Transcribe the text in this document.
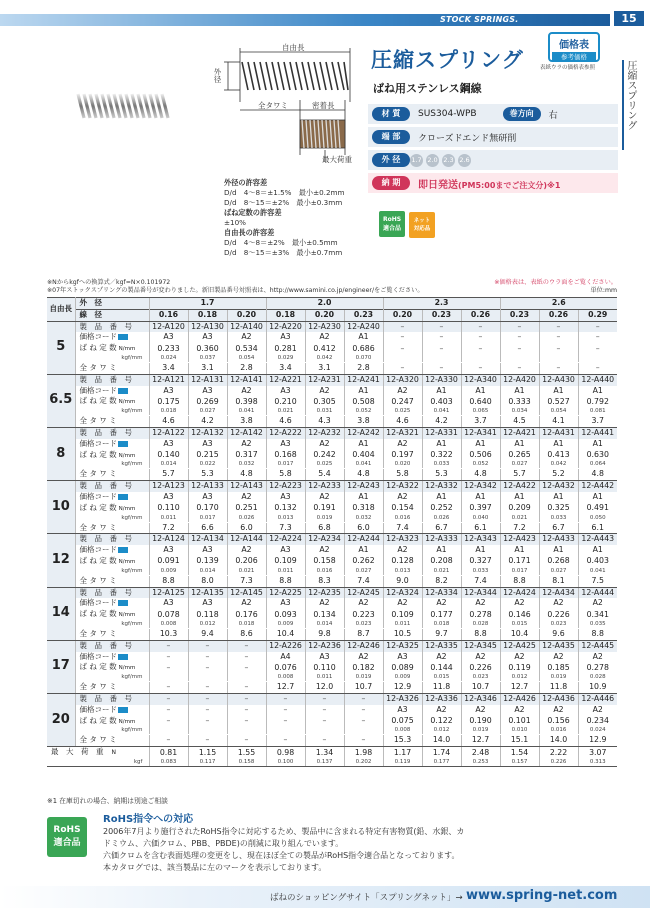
STOCK SPRINGS.	15
圧縮スプリング
自由長
外径
全タワミ	密着長
最大荷重
外径の許容差
D/d　4～8＝±1.5%　最小±0.2mm
D/d　8～15＝±2%　最小±0.3mm
ばね定数の許容差
±10%
自由長の許容差
D/d　4～8＝±2%　最小±0.5mm
D/d　8～15＝±3%　最小±0.7mm
圧縮スプリング
ばね用ステンレス鋼線
価格表
参考価格
表紙ウラの価格表参照
材 質	SUS304-WPB	巻方向	右
端 部	クローズドエンド無研削
外 径	1.7 2.0 2.3 2.6
納 期	即日発送(PM5:00までご注文分)※1
RoHS
適合品ネット
対応品
※Nからkgfへの換算式／kgf=N×0.101972
※07年ストックスプリングの製品番号が変わりました。新旧製品番号対照表は、http://www.samini.co.jp/engineer/をご覧ください。
※価格表は、表紙のウラ面をご覧ください。
単位:mm
自由長	外　径	1.7			2.0			2.3			2.6		
	線　径	0.16	0.18	0.20	0.18	0.20	0.23	0.20	0.23	0.26	0.23	0.26	0.29
5	製　品　番　号	12-A120	12-A130	12-A140	12-A220	12-A230	12-A240	–	–	–	–	–	–
	価格コード	A3	A3	A2	A3	A2	A1	–	–	–	–	–	–
	ば ね 定 数 N/mm	0.233	0.360	0.534	0.281	0.412	0.686	–	–	–	–	–	–
	kgf/mm	0.024	0.037	0.054	0.029	0.042	0.070						

	全 タ ワ ミ	3.4	3.1	2.8	3.4	3.1	2.8	–	–	–	–	–	–
6.5	製　品　番　号	12-A121	12-A131	12-A141	12-A221	12-A231	12-A241	12-A320	12-A330	12-A340	12-A420	12-A430	12-A440
	価格コード	A3	A3	A2	A3	A2	A1	A2	A1	A1	A1	A1	A1
	ば ね 定 数 N/mm	0.175	0.269	0.398	0.210	0.305	0.508	0.247	0.403	0.640	0.333	0.527	0.792
	kgf/mm	0.018	0.027	0.041	0.021	0.031	0.052	0.025	0.041	0.065	0.034	0.054	0.081

	全 タ ワ ミ	4.6	4.2	3.8	4.6	4.3	3.8	4.6	4.2	3.7	4.5	4.1	3.7
8	製　品　番　号	12-A122	12-A132	12-A142	12-A222	12-A232	12-A242	12-A321	12-A331	12-A341	12-A421	12-A431	12-A441
	価格コード	A3	A3	A2	A3	A2	A1	A2	A1	A1	A1	A1	A1
	ば ね 定 数 N/mm	0.140	0.215	0.317	0.168	0.242	0.404	0.197	0.322	0.506	0.265	0.413	0.630
	kgf/mm	0.014	0.022	0.032	0.017	0.025	0.041	0.020	0.033	0.052	0.027	0.042	0.064

	全 タ ワ ミ	5.7	5.3	4.8	5.8	5.4	4.8	5.8	5.3	4.8	5.7	5.2	4.8
10	製　品　番　号	12-A123	12-A133	12-A143	12-A223	12-A233	12-A243	12-A322	12-A332	12-A342	12-A422	12-A432	12-A442
	価格コード	A3	A3	A2	A3	A2	A1	A2	A1	A1	A1	A1	A1
	ば ね 定 数 N/mm	0.110	0.170	0.251	0.132	0.191	0.318	0.154	0.252	0.397	0.209	0.325	0.491
	kgf/mm	0.011	0.017	0.026	0.013	0.019	0.032	0.016	0.026	0.040	0.021	0.033	0.050

	全 タ ワ ミ	7.2	6.6	6.0	7.3	6.8	6.0	7.4	6.7	6.1	7.2	6.7	6.1
12	製　品　番　号	12-A124	12-A134	12-A144	12-A224	12-A234	12-A244	12-A323	12-A333	12-A343	12-A423	12-A433	12-A443
	価格コード	A3	A3	A2	A3	A2	A1	A2	A1	A1	A1	A1	A1
	ば ね 定 数 N/mm	0.091	0.139	0.206	0.109	0.158	0.262	0.128	0.208	0.327	0.171	0.268	0.403
	kgf/mm	0.009	0.014	0.021	0.011	0.016	0.027	0.013	0.021	0.033	0.017	0.027	0.041

	全 タ ワ ミ	8.8	8.0	7.3	8.8	8.3	7.4	9.0	8.2	7.4	8.8	8.1	7.5
14	製　品　番　号	12-A125	12-A135	12-A145	12-A225	12-A235	12-A245	12-A324	12-A334	12-A344	12-A424	12-A434	12-A444
	価格コード	A3	A3	A2	A3	A2	A2	A2	A2	A2	A2	A2	A2
	ば ね 定 数 N/mm	0.078	0.118	0.176	0.093	0.134	0.223	0.109	0.177	0.278	0.146	0.226	0.341
	kgf/mm	0.008	0.012	0.018	0.009	0.014	0.023	0.011	0.018	0.028	0.015	0.023	0.035

	全 タ ワ ミ	10.3	9.4	8.6	10.4	9.8	8.7	10.5	9.7	8.8	10.4	9.6	8.8
17	製　品　番　号	–	–	–	12-A226	12-A236	12-A246	12-A325	12-A335	12-A345	12-A425	12-A435	12-A445
	価格コード	–	–	–	A4	A3	A2	A3	A2	A2	A2	A2	A2
	ば ね 定 数 N/mm	–	–	–	0.076	0.110	0.182	0.089	0.144	0.226	0.119	0.185	0.278
	kgf/mm				0.008	0.011	0.019	0.009	0.015	0.023	0.012	0.019	0.028

	全 タ ワ ミ	–	–	–	12.7	12.0	10.7	12.9	11.8	10.7	12.7	11.8	10.9
20	製　品　番　号	–	–	–	–	–	–	12-A326	12-A336	12-A346	12-A426	12-A436	12-A446
	価格コード	–	–	–	–	–	–	A3	A2	A2	A2	A2	A2
	ば ね 定 数 N/mm	–	–	–	–	–	–	0.075	0.122	0.190	0.101	0.156	0.234
	kgf/mm							0.008	0.012	0.019	0.010	0.016	0.024

	全 タ ワ ミ	–	–	–	–	–	–	15.3	14.0	12.7	15.1	14.0	12.9
最　大　荷　重 N		0.81	1.15	1.55	0.98	1.34	1.98	1.17	1.74	2.48	1.54	2.22	3.07
kgf		0.083	0.117	0.158	0.100	0.137	0.202	0.119	0.177	0.253	0.157	0.226	0.313
※1 在庫切れの場合、納期は別途ご相談
RoHS
適合品
RoHS指令への対応
2006年7月より施行されたRoHS指令に対応するため、製品中に含まれる特定有害物質(鉛、水銀、カ
ドミウム、六価クロム、PBB、PBDE)の削減に取り組んでいます。
六価クロムを含む表面処理の変更をし、現在ほぼ全ての製品がRoHS指令適合品となっております。
本カタログでは、該当製品に左のマークを表示しております。
ばねのショッピングサイト「スプリングネット」→ www.spring-net.com
